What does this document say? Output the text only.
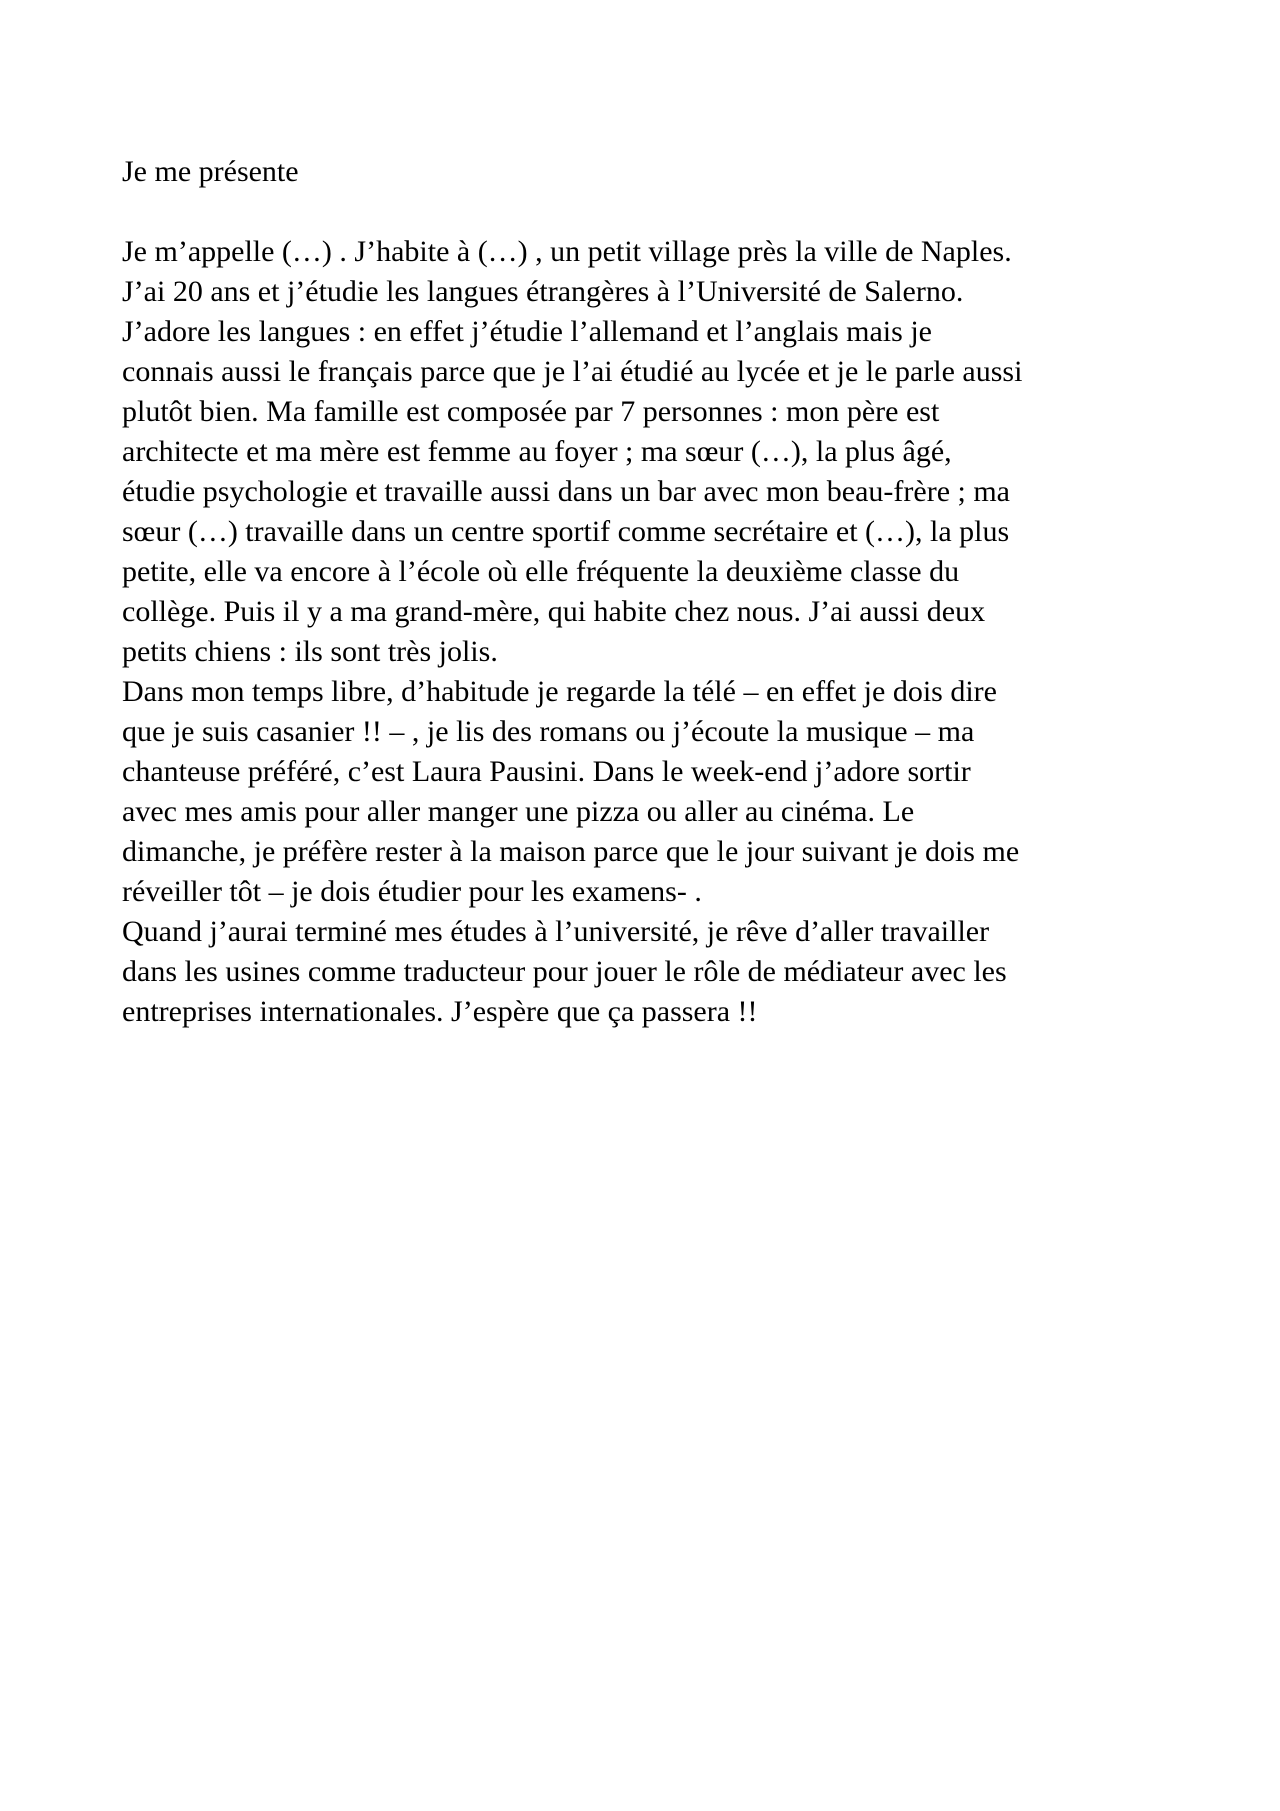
Je me présente
Je m’appelle (…) . J’habite à (…) , un petit village près la ville de Naples.
J’ai 20 ans et j’étudie les langues étrangères à l’Université de Salerno.
J’adore les langues : en effet j’étudie l’allemand et l’anglais mais je
connais aussi le français parce que je l’ai étudié au lycée et je le parle aussi
plutôt bien. Ma famille est composée par 7 personnes : mon père est
architecte et ma mère est femme au foyer ; ma sœur (…), la plus âgé,
étudie psychologie et travaille aussi dans un bar avec mon beau-frère ; ma
sœur (…) travaille dans un centre sportif comme secrétaire et (…), la plus
petite, elle va encore à l’école où elle fréquente la deuxième classe du
collège. Puis il y a ma grand-mère, qui habite chez nous. J’ai aussi deux
petits chiens : ils sont très jolis.
Dans mon temps libre, d’habitude je regarde la télé – en effet je dois dire
que je suis casanier !! – , je lis des romans ou j’écoute la musique – ma
chanteuse préféré, c’est Laura Pausini. Dans le week-end j’adore sortir
avec mes amis pour aller manger une pizza ou aller au cinéma. Le
dimanche, je préfère rester à la maison parce que le jour suivant je dois me
réveiller tôt – je dois étudier pour les examens- .
Quand j’aurai terminé mes études à l’université, je rêve d’aller travailler
dans les usines comme traducteur pour jouer le rôle de médiateur avec les
entreprises internationales. J’espère que ça passera !!
